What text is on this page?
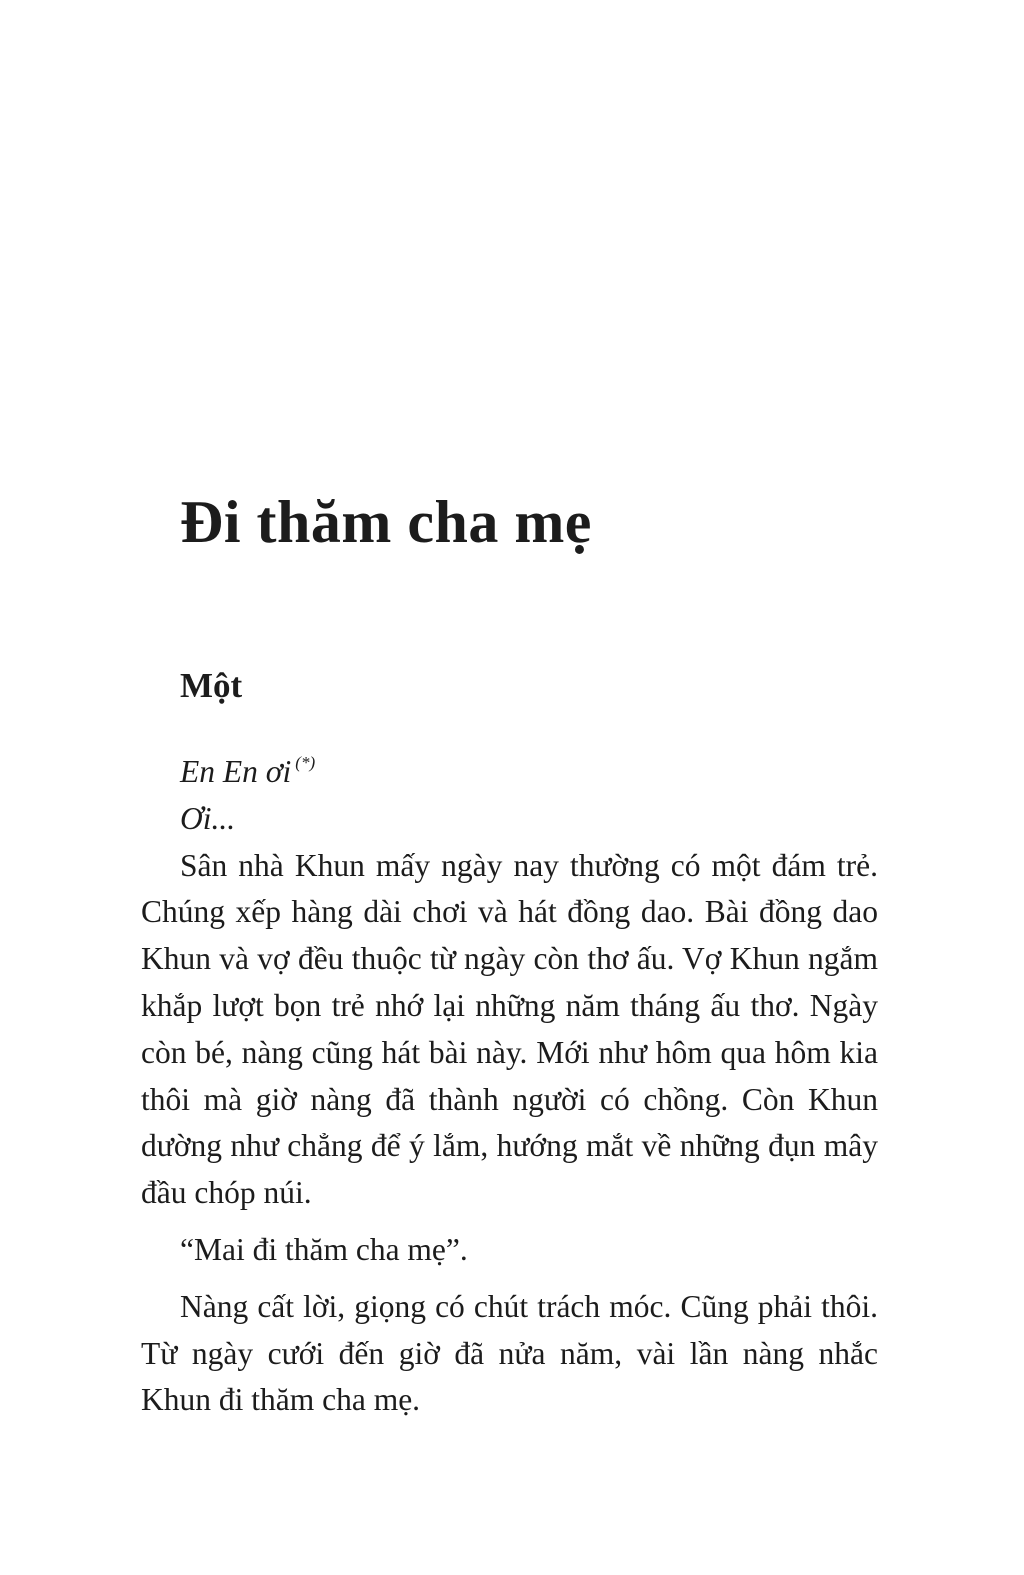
Đi thăm cha mẹ
Một

En En ơi (*)

Ơi...

Sân nhà Khun mấy ngày nay thường có một đám trẻ. Chúng xếp hàng dài chơi và hát đồng dao. Bài đồng dao Khun và vợ đều thuộc từ ngày còn thơ ấu. Vợ Khun ngắm khắp lượt bọn trẻ nhớ lại những năm tháng ấu thơ. Ngày còn bé, nàng cũng hát bài này. Mới như hôm qua hôm kia thôi mà giờ nàng đã thành người có chồng. Còn Khun dường như chẳng để ý lắm, hướng mắt về những đụn mây đầu chóp núi.

“Mai đi thăm cha mẹ”.

Nàng cất lời, giọng có chút trách móc. Cũng phải thôi. Từ ngày cưới đến giờ đã nửa năm, vài lần nàng nhắc Khun đi thăm cha mẹ.
